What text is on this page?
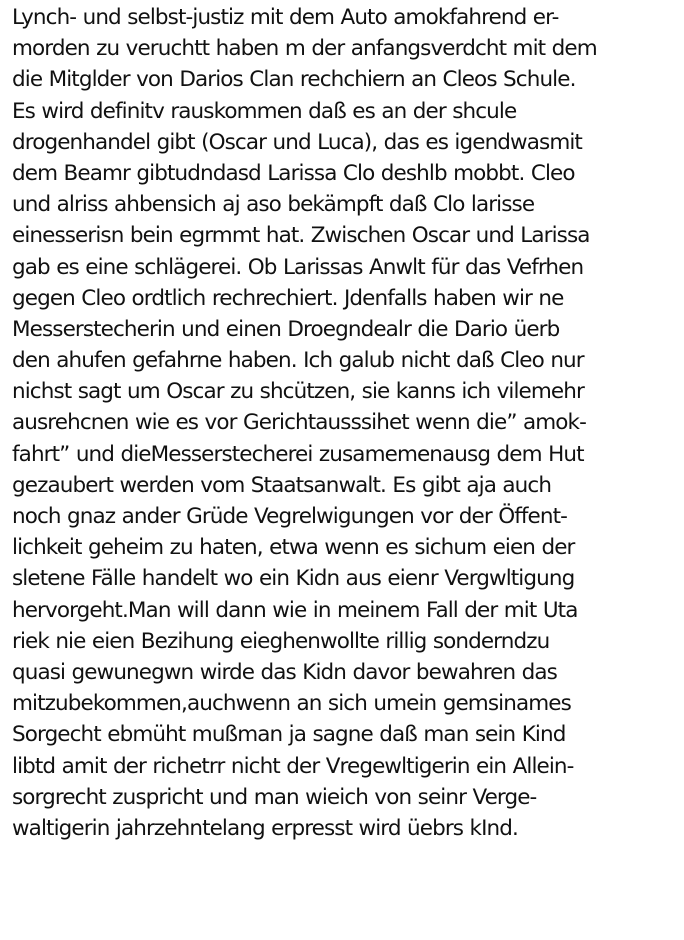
Lynch- und selbst-justiz mit dem Auto amokfahrend er-
morden zu veruchtt haben m der anfangsverdcht mit dem
die Mitglder von Darios Clan rechchiern an Cleos Schule.
Es wird definitv rauskommen daß es an der shcule
drogenhandel gibt (Oscar und Luca), das es igendwasmit
dem Beamr gibtudndasd Larissa Clo deshlb mobbt. Cleo
und alriss ahbensich aj aso bekämpft daß Clo larisse
einesserisn bein egrmmt hat. Zwischen Oscar und Larissa
gab es eine schlägerei. Ob Larissas Anwlt für das Vefrhen
gegen Cleo ordtlich rechrechiert. Jdenfalls haben wir ne
Messerstecherin und einen Droegndealr die Dario üerb
den ahufen gefahrne haben. Ich galub nicht daß Cleo nur
nichst sagt um Oscar zu shcützen, sie kanns ich vilemehr
ausrehcnen wie es vor Gerichtausssihet wenn die” amok-
fahrt” und dieMesserstecherei zusamemenausg dem Hut
gezaubert werden vom Staatsanwalt. Es gibt aja auch
noch gnaz ander Grüde Vegrelwigungen vor der Öffent-
lichkeit geheim zu haten, etwa wenn es sichum eien der
sletene Fälle handelt wo ein Kidn aus eienr Vergwltigung
hervorgeht.Man will dann wie in meinem Fall der mit Uta
riek nie eien Bezihung eieghenwollte rillig sonderndzu
quasi gewunegwn wirde das Kidn davor bewahren das
mitzubekommen,auchwenn an sich umein gemsinames
Sorgecht ebmüht mußman ja sagne daß man sein Kind
libtd amit der richetrr nicht der Vregewltigerin ein Allein-
sorgrecht zuspricht und man wieich von seinr Verge-
waltigerin jahrzehntelang erpresst wird üebrs kInd.
